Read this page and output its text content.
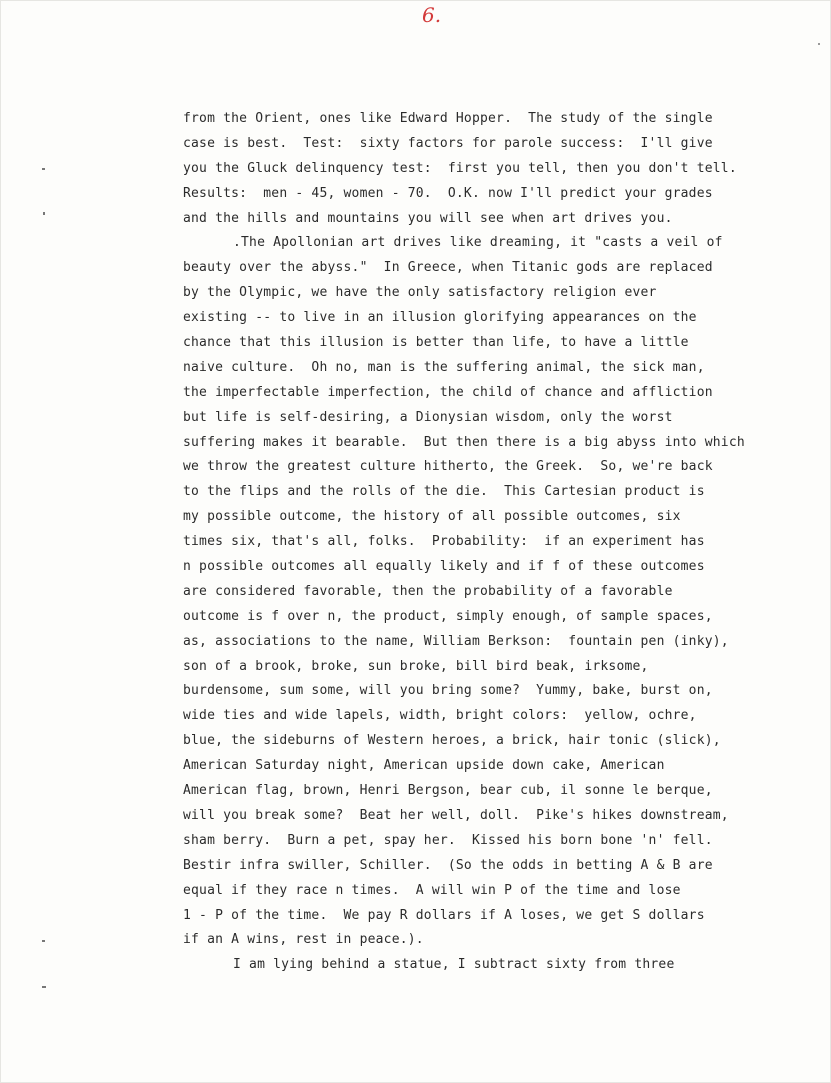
6.
from the Orient, ones like Edward Hopper.  The study of the single
case is best.  Test:  sixty factors for parole success:  I'll give
you the Gluck delinquency test:  first you tell, then you don't tell.
Results:  men - 45, women - 70.  O.K. now I'll predict your grades
and the hills and mountains you will see when art drives you.
.The Apollonian art drives like dreaming, it "casts a veil of
beauty over the abyss."  In Greece, when Titanic gods are replaced
by the Olympic, we have the only satisfactory religion ever
existing -- to live in an illusion glorifying appearances on the
chance that this illusion is better than life, to have a little
naive culture.  Oh no, man is the suffering animal, the sick man,
the imperfectable imperfection, the child of chance and affliction
but life is self-desiring, a Dionysian wisdom, only the worst
suffering makes it bearable.  But then there is a big abyss into which
we throw the greatest culture hitherto, the Greek.  So, we're back
to the flips and the rolls of the die.  This Cartesian product is
my possible outcome, the history of all possible outcomes, six
times six, that's all, folks.  Probability:  if an experiment has
n possible outcomes all equally likely and if f of these outcomes
are considered favorable, then the probability of a favorable
outcome is f over n, the product, simply enough, of sample spaces,
as, associations to the name, William Berkson:  fountain pen (inky),
son of a brook, broke, sun broke, bill bird beak, irksome,
burdensome, sum some, will you bring some?  Yummy, bake, burst on,
wide ties and wide lapels, width, bright colors:  yellow, ochre,
blue, the sideburns of Western heroes, a brick, hair tonic (slick),
American Saturday night, American upside down cake, American
American flag, brown, Henri Bergson, bear cub, il sonne le berque,
will you break some?  Beat her well, doll.  Pike's hikes downstream,
sham berry.  Burn a pet, spay her.  Kissed his born bone 'n' fell.
Bestir infra swiller, Schiller.  (So the odds in betting A & B are
equal if they race n times.  A will win P of the time and lose
1 - P of the time.  We pay R dollars if A loses, we get S dollars
if an A wins, rest in peace.).
I am lying behind a statue, I subtract sixty from three
